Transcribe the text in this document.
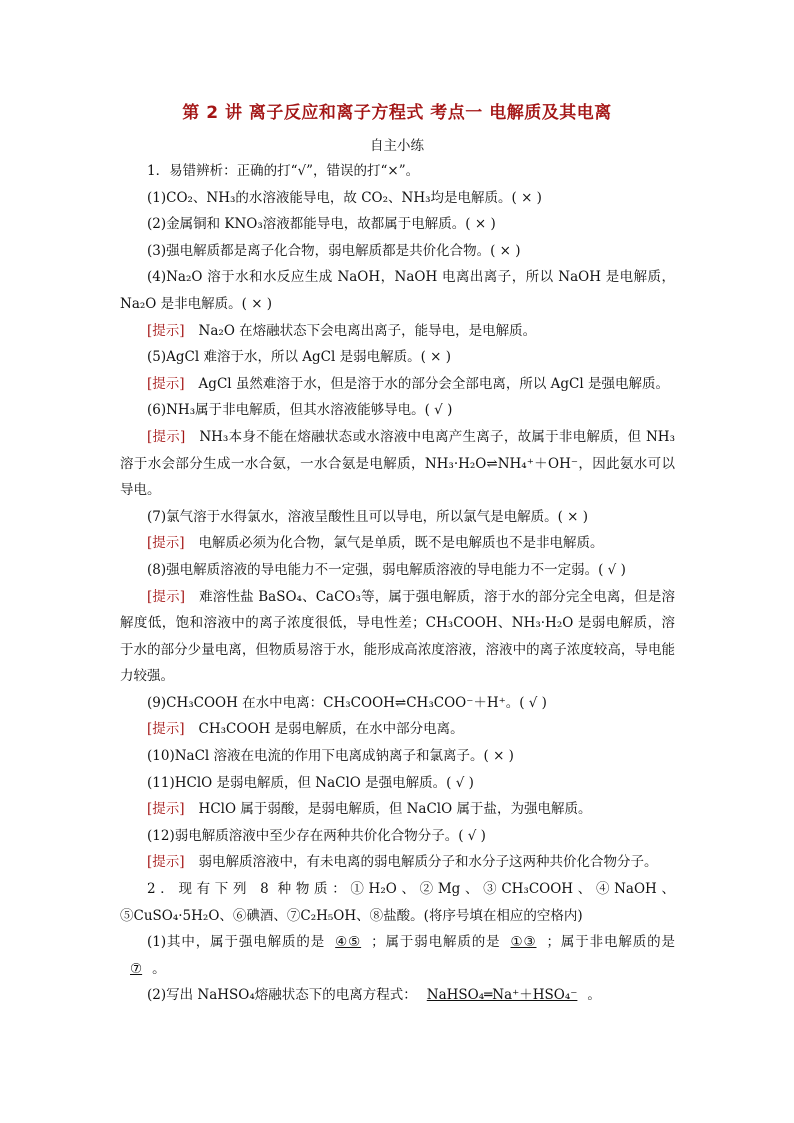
第 2 讲 离子反应和离子方程式 考点一 电解质及其电离
自主小练

1．易错辨析：正确的打“√”，错误的打“×”。

(1)CO₂、NH₃的水溶液能导电，故 CO₂、NH₃均是电解质。( × )

(2)金属铜和 KNO₃溶液都能导电，故都属于电解质。( × )

(3)强电解质都是离子化合物，弱电解质都是共价化合物。( × )

(4)Na₂O 溶于水和水反应生成 NaOH，NaOH 电离出离子，所以 NaOH 是电解质，Na₂O 是非电解质。( × )

[提示] Na₂O 在熔融状态下会电离出离子，能导电，是电解质。

(5)AgCl 难溶于水，所以 AgCl 是弱电解质。( × )

[提示] AgCl 虽然难溶于水，但是溶于水的部分会全部电离，所以 AgCl 是强电解质。

(6)NH₃属于非电解质，但其水溶液能够导电。( √ )

[提示] NH₃本身不能在熔融状态或水溶液中电离产生离子，故属于非电解质，但 NH₃溶于水会部分生成一水合氨，一水合氨是电解质，NH₃·H₂O⇌NH₄⁺＋OH⁻，因此氨水可以导电。

(7)氯气溶于水得氯水，溶液呈酸性且可以导电，所以氯气是电解质。( × )

[提示] 电解质必须为化合物，氯气是单质，既不是电解质也不是非电解质。

(8)强电解质溶液的导电能力不一定强，弱电解质溶液的导电能力不一定弱。( √ )

[提示] 难溶性盐 BaSO₄、CaCO₃等，属于强电解质，溶于水的部分完全电离，但是溶解度低，饱和溶液中的离子浓度很低，导电性差；CH₃COOH、NH₃·H₂O 是弱电解质，溶于水的部分少量电离，但物质易溶于水，能形成高浓度溶液，溶液中的离子浓度较高，导电能力较强。

(9)CH₃COOH 在水中电离：CH₃COOH⇌CH₃COO⁻＋H⁺。( √ )

[提示] CH₃COOH 是弱电解质，在水中部分电离。

(10)NaCl 溶液在电流的作用下电离成钠离子和氯离子。( × )

(11)HClO 是弱电解质，但 NaClO 是强电解质。( √ )

[提示] HClO 属于弱酸，是弱电解质，但 NaClO 属于盐，为强电解质。

(12)弱电解质溶液中至少存在两种共价化合物分子。( √ )

[提示] 弱电解质溶液中，有未电离的弱电解质分子和水分子这两种共价化合物分子。

2．现有下列 8 种物质：①H₂O、②Mg、③CH₃COOH、④NaOH、⑤CuSO₄·5H₂O、⑥碘酒、⑦C₂H₅OH、⑧盐酸。(将序号填在相应的空格内)

(1)其中，属于强电解质的是 ④⑤ ；属于弱电解质的是 ①③ ；属于非电解质的是⑦ 。

(2)写出 NaHSO₄熔融状态下的电离方程式： NaHSO₄═Na⁺＋HSO₄⁻ 。
